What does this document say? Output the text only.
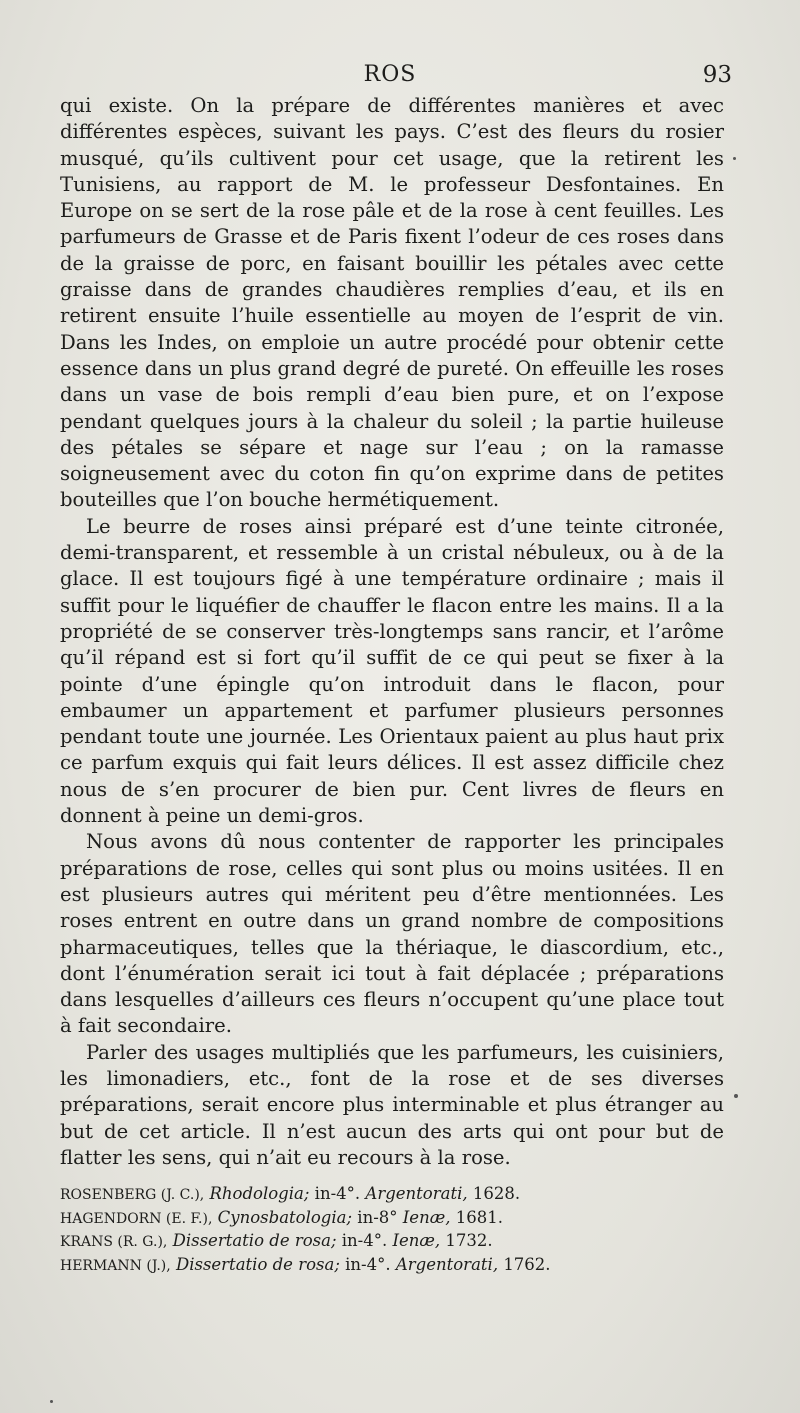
ROS	93

qui existe. On la prépare de différentes manières et avec différentes espèces, suivant les pays. C’est des fleurs du rosier musqué, qu’ils cultivent pour cet usage, que la retirent les Tunisiens, au rapport de M. le professeur Desfontaines. En Europe on se sert de la rose pâle et de la rose à cent feuilles. Les parfumeurs de Grasse et de Paris fixent l’odeur de ces roses dans de la graisse de porc, en faisant bouillir les pétales avec cette graisse dans de grandes chaudières remplies d’eau, et ils en retirent ensuite l’huile essentielle au moyen de l’esprit de vin. Dans les Indes, on emploie un autre procédé pour obtenir cette essence dans un plus grand degré de pureté. On effeuille les roses dans un vase de bois rempli d’eau bien pure, et on l’expose pendant quelques jours à la chaleur du soleil ; la partie huileuse des pétales se sépare et nage sur l’eau ; on la ramasse soigneusement avec du coton fin qu’on exprime dans de petites bouteilles que l’on bouche hermétiquement.

Le beurre de roses ainsi préparé est d’une teinte citronée, demi-transparent, et ressemble à un cristal nébuleux, ou à de la glace. Il est toujours figé à une température ordinaire ; mais il suffit pour le liquéfier de chauffer le flacon entre les mains. Il a la propriété de se conserver très-longtemps sans rancir, et l’arôme qu’il répand est si fort qu’il suffit de ce qui peut se fixer à la pointe d’une épingle qu’on introduit dans le flacon, pour embaumer un appartement et parfumer plusieurs personnes pendant toute une journée. Les Orientaux paient au plus haut prix ce parfum exquis qui fait leurs délices. Il est assez difficile chez nous de s’en procurer de bien pur. Cent livres de fleurs en donnent à peine un demi-gros.

Nous avons dû nous contenter de rapporter les principales préparations de rose, celles qui sont plus ou moins usitées. Il en est plusieurs autres qui méritent peu d’être mentionnées. Les roses entrent en outre dans un grand nombre de compositions pharmaceutiques, telles que la thériaque, le diascordium, etc., dont l’énumération serait ici tout à fait déplacée ; préparations dans lesquelles d’ailleurs ces fleurs n’occupent qu’une place tout à fait secondaire.

Parler des usages multipliés que les parfumeurs, les cuisiniers, les limonadiers, etc., font de la rose et de ses diverses préparations, serait encore plus interminable et plus étranger au but de cet article. Il n’est aucun des arts qui ont pour but de flatter les sens, qui n’ait eu recours à la rose.

ROSENBERG (J. C.), Rhodologia; in-4°. Argentorati, 1628.
HAGENDORN (E. F.), Cynosbatologia; in-8° Ienæ, 1681.
KRANS (R. G.), Dissertatio de rosa; in-4°. Ienæ, 1732.
HERMANN (J.), Dissertatio de rosa; in-4°. Argentorati, 1762.
